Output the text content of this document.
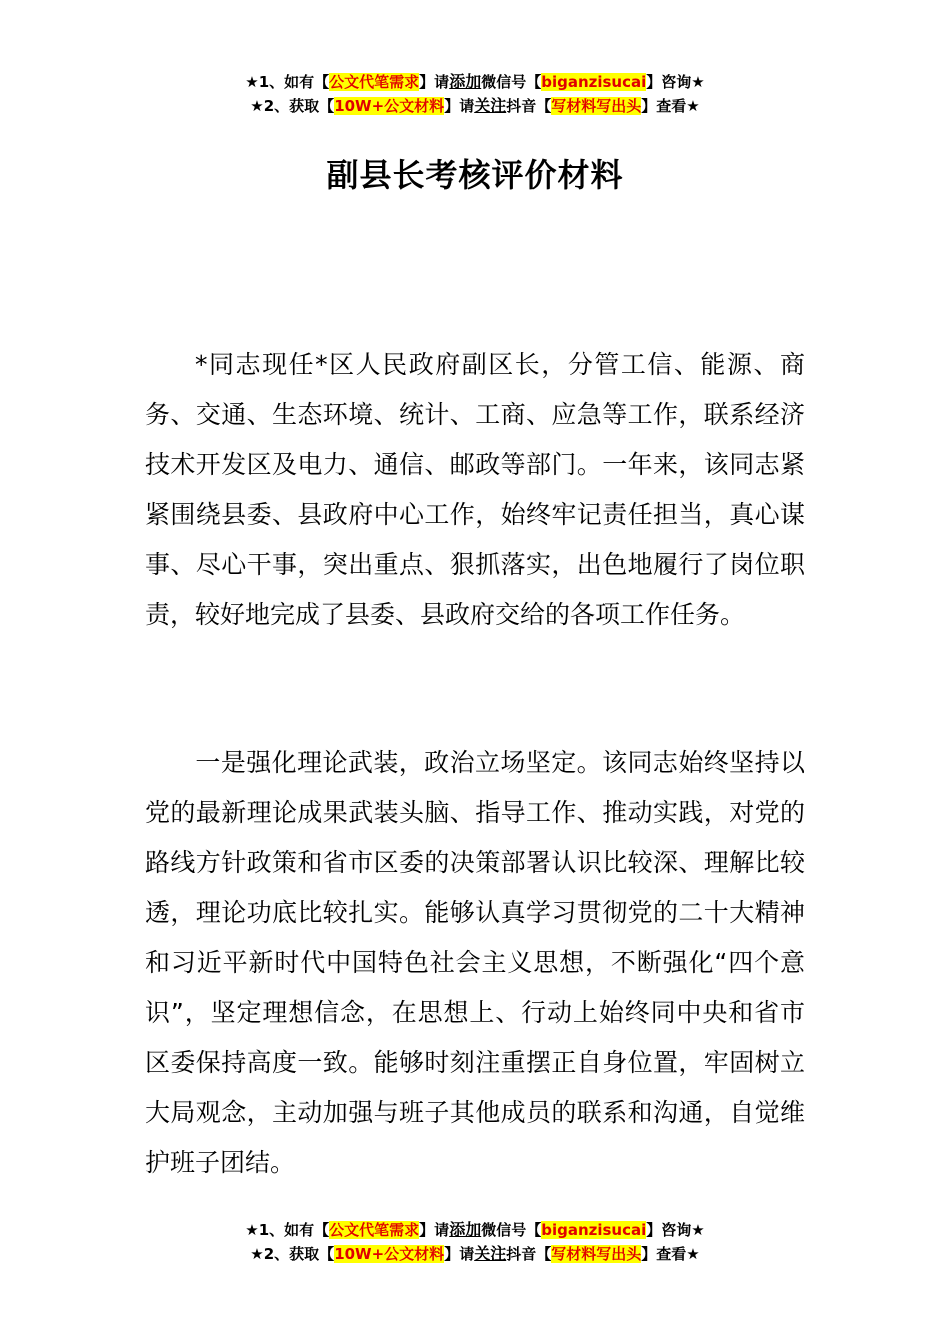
★1、如有【公文代笔需求】请添加微信号【biganzisucai】咨询★
★2、获取【10W+公文材料】请关注抖音【写材料写出头】查看★
副县长考核评价材料
*同志现任*区人民政府副区长，分管工信、能源、商务、交通、生态环境、统计、工商、应急等工作，联系经济技术开发区及电力、通信、邮政等部门。一年来，该同志紧紧围绕县委、县政府中心工作，始终牢记责任担当，真心谋事、尽心干事，突出重点、狠抓落实，出色地履行了岗位职责，较好地完成了县委、县政府交给的各项工作任务。
一是强化理论武装，政治立场坚定。该同志始终坚持以党的最新理论成果武装头脑、指导工作、推动实践，对党的路线方针政策和省市区委的决策部署认识比较深、理解比较透，理论功底比较扎实。能够认真学习贯彻党的二十大精神和习近平新时代中国特色社会主义思想，不断强化“四个意识”，坚定理想信念，在思想上、行动上始终同中央和省市区委保持高度一致。能够时刻注重摆正自身位置，牢固树立大局观念，主动加强与班子其他成员的联系和沟通，自觉维护班子团结。
★1、如有【公文代笔需求】请添加微信号【biganzisucai】咨询★
★2、获取【10W+公文材料】请关注抖音【写材料写出头】查看★
